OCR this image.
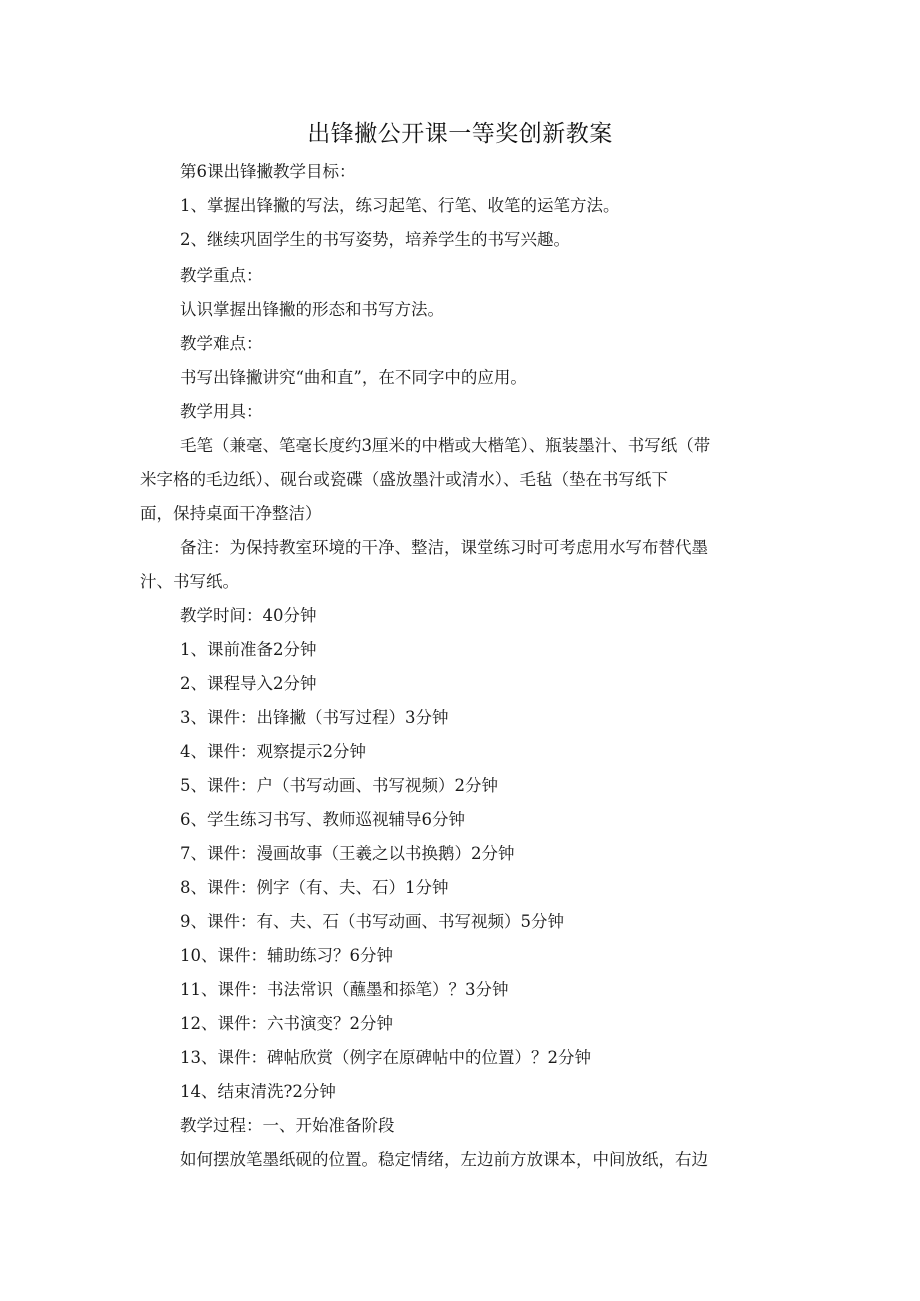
出锋撇公开课一等奖创新教案

第6课出锋撇教学目标：

1、掌握出锋撇的写法，练习起笔、行笔、收笔的运笔方法。

2、继续巩固学生的书写姿势，培养学生的书写兴趣。

教学重点：

认识掌握出锋撇的形态和书写方法。

教学难点：

书写出锋撇讲究“曲和直”，在不同字中的应用。

教学用具：

毛笔（兼毫、笔毫长度约3厘米的中楷或大楷笔）、瓶装墨汁、书写纸（带

米字格的毛边纸）、砚台或瓷碟（盛放墨汁或清水）、毛毡（垫在书写纸下

面，保持桌面干净整洁）

备注：为保持教室环境的干净、整洁，课堂练习时可考虑用水写布替代墨

汁、书写纸。

教学时间：40分钟

1、课前准备2分钟

2、课程导入2分钟

3、课件：出锋撇（书写过程）3分钟

4、课件：观察提示2分钟

5、课件：户（书写动画、书写视频）2分钟

6、学生练习书写、教师巡视辅导6分钟

7、课件：漫画故事（王羲之以书换鹅）2分钟

8、课件：例字（有、夫、石）1分钟

9、课件：有、夫、石（书写动画、书写视频）5分钟

10、课件：辅助练习？6分钟

11、课件：书法常识（蘸墨和掭笔）？3分钟

12、课件：六书演变？2分钟

13、课件：碑帖欣赏（例字在原碑帖中的位置）？2分钟

14、结束清洗?2分钟

教学过程：一、开始准备阶段

如何摆放笔墨纸砚的位置。稳定情绪，左边前方放课本，中间放纸，右边
